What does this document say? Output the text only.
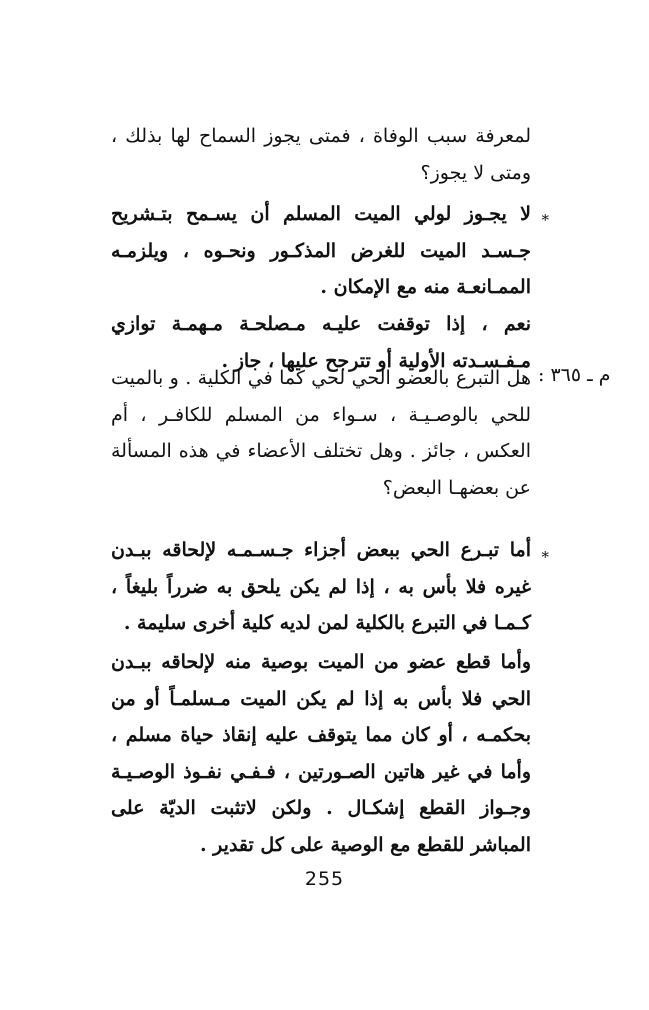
لمعرفة سبب الوفاة ، فمتى يجوز السماح لها بذلك ، ومتى لا يجوز؟

*

لا يجـوز لولي الميت المسلم أن يسـمح بتـشريح جـسـد الميت للغرض المذكـور ونحـوه ، ويلزمـه الممـانعـة منه مع الإمكان .

نعم ، إذا توقفت عليـه مـصلحـة مـهمـة توازي مـفـسـدته الأولية أو تترجح عليها ، جاز .

م ـ ٣٦٥ :

هل التبرع بالعضو الحي لحي كما في الكلية . و بالميت للحي بالوصـيـة ، سـواء من المسلم للكافـر ، أم العكس ، جائز . وهل تختلف الأعضاء في هذه المسألة عن بعضهـا البعض؟

*

أما تبـرع الحي ببعض أجزاء جـسـمـه لإلحاقه ببـدن غيره فلا بأس به ، إذا لم يكن يلحق به ضرراً بليغاً ، كـمـا في التبرع بالكلية لمن لديه كلية أخرى سليمة .

وأما قطع عضو من الميت بوصية منه لإلحاقه ببـدن الحي فلا بأس به إذا لم يكن الميت مـسلمـاً أو من بحكمـه ، أو كان مما يتوقف عليه إنقاذ حياة مسلم ، وأما في غير هاتين الصـورتين ، فـفـي نفـوذ الوصـيـة وجـواز القطع إشكـال . ولكن لاتثبت الديّة على المباشر للقطع مع الوصية على كل تقدير .

255
